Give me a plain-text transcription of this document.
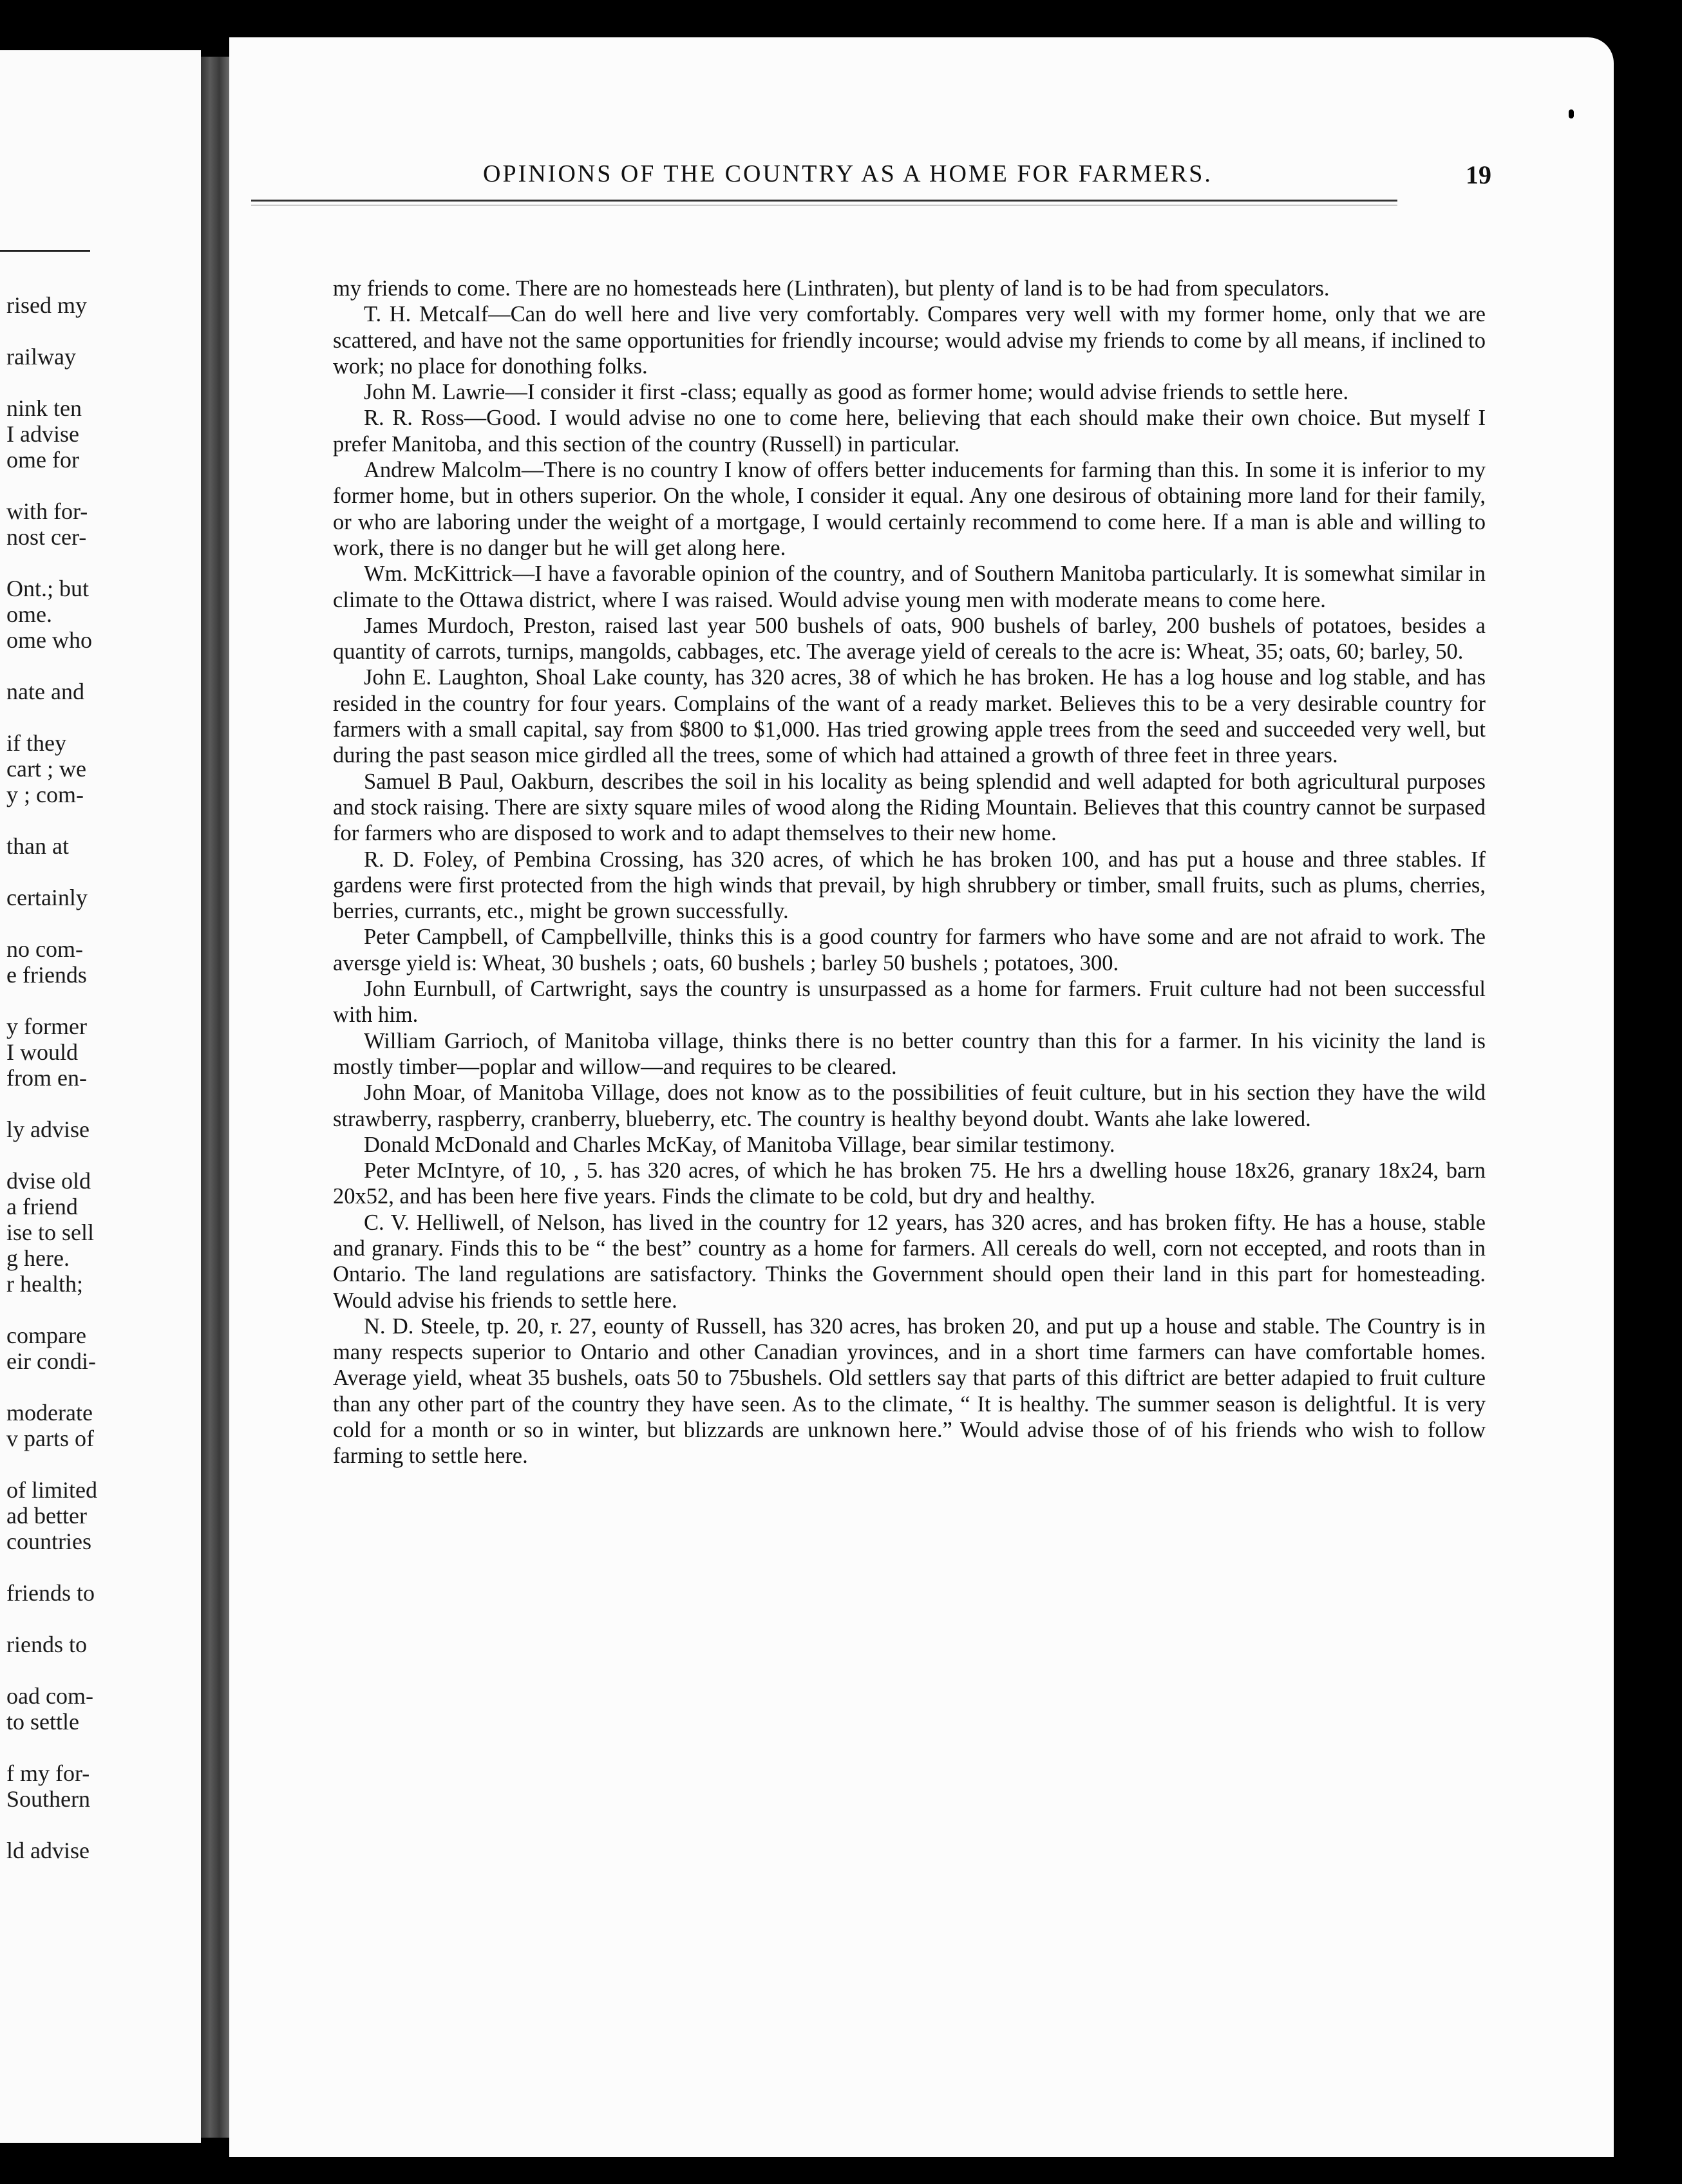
OPINIONS OF THE COUNTRY AS A HOME FOR FARMERS.	19
rised my
railway
nink ten
I advise
ome for
with for-
nost cer-
Ont.; but
ome.
ome who
nate and
if they
cart ; we
y ; com-
than at
certainly
no com-
e friends
y former
I would
from en-
ly advise
dvise old
a friend
ise to sell
g here.
r health;
compare
eir condi-
moderate
v parts of
of limited
ad better
countries
friends to
riends to
oad com-
to settle
f my for-
Southern
ld advise

my friends to come. There are no homesteads here (Linthraten), but plenty of land is to be had from speculators.

T. H. Metcalf—Can do well here and live very comfortably. Compares very well with my former home, only that we are scattered, and have not the same opportunities for friendly incourse; would advise my friends to come by all means, if inclined to work; no place for donothing folks.

John M. Lawrie—I consider it first -class; equally as good as former home; would advise friends to settle here.

R. R. Ross—Good. I would advise no one to come here, believing that each should make their own choice. But myself I prefer Manitoba, and this section of the country (Russell) in particular.

Andrew Malcolm—There is no country I know of offers better inducements for farming than this. In some it is inferior to my former home, but in others superior. On the whole, I consider it equal. Any one desirous of obtaining more land for their family, or who are laboring under the weight of a mortgage, I would certainly recommend to come here. If a man is able and willing to work, there is no danger but he will get along here.

Wm. McKittrick—I have a favorable opinion of the country, and of Southern Manitoba particularly. It is somewhat similar in climate to the Ottawa district, where I was raised. Would advise young men with moderate means to come here.

James Murdoch, Preston, raised last year 500 bushels of oats, 900 bushels of barley, 200 bushels of potatoes, besides a quantity of carrots, turnips, mangolds, cabbages, etc. The average yield of cereals to the acre is: Wheat, 35; oats, 60; barley, 50.

John E. Laughton, Shoal Lake county, has 320 acres, 38 of which he has broken. He has a log house and log stable, and has resided in the country for four years. Complains of the want of a ready market. Believes this to be a very desirable country for farmers with a small capital, say from $800 to $1,000. Has tried growing apple trees from the seed and succeeded very well, but during the past season mice girdled all the trees, some of which had attained a growth of three feet in three years.

Samuel B Paul, Oakburn, describes the soil in his locality as being splendid and well adapted for both agricultural purposes and stock raising. There are sixty square miles of wood along the Riding Mountain. Believes that this country cannot be surpased for farmers who are disposed to work and to adapt themselves to their new home.

R. D. Foley, of Pembina Crossing, has 320 acres, of which he has broken 100, and has put a house and three stables. If gardens were first protected from the high winds that prevail, by high shrubbery or timber, small fruits, such as plums, cherries, berries, currants, etc., might be grown successfully.

Peter Campbell, of Campbellville, thinks this is a good country for farmers who have some and are not afraid to work. The aversge yield is: Wheat, 30 bushels ; oats, 60 bushels ; barley 50 bushels ; potatoes, 300.

John Eurnbull, of Cartwright, says the country is unsurpassed as a home for farmers. Fruit culture had not been successful with him.

William Garrioch, of Manitoba village, thinks there is no better country than this for a farmer. In his vicinity the land is mostly timber—poplar and willow—and requires to be cleared.

John Moar, of Manitoba Village, does not know as to the possibilities of feuit culture, but in his section they have the wild strawberry, raspberry, cranberry, blueberry, etc. The country is healthy beyond doubt. Wants ahe lake lowered.

Donald McDonald and Charles McKay, of Manitoba Village, bear similar testimony.

Peter McIntyre, of 10, , 5. has 320 acres, of which he has broken 75. He hrs a dwelling house 18x26, granary 18x24, barn 20x52, and has been here five years. Finds the climate to be cold, but dry and healthy.

C. V. Helliwell, of Nelson, has lived in the country for 12 years, has 320 acres, and has broken fifty. He has a house, stable and granary. Finds this to be “ the best” country as a home for farmers. All cereals do well, corn not eccepted, and roots than in Ontario. The land regulations are satisfactory. Thinks the Government should open their land in this part for homesteading. Would advise his friends to settle here.

N. D. Steele, tp. 20, r. 27, eounty of Russell, has 320 acres, has broken 20, and put up a house and stable. The Country is in many respects superior to Ontario and other Canadian yrovinces, and in a short time farmers can have comfortable homes. Average yield, wheat 35 bushels, oats 50 to 75bushels. Old settlers say that parts of this diftrict are better adapied to fruit culture than any other part of the country they have seen. As to the climate, “ It is healthy. The summer season is delightful. It is very cold for a month or so in winter, but blizzards are unknown here.” Would advise those of of his friends who wish to follow farming to settle here.
